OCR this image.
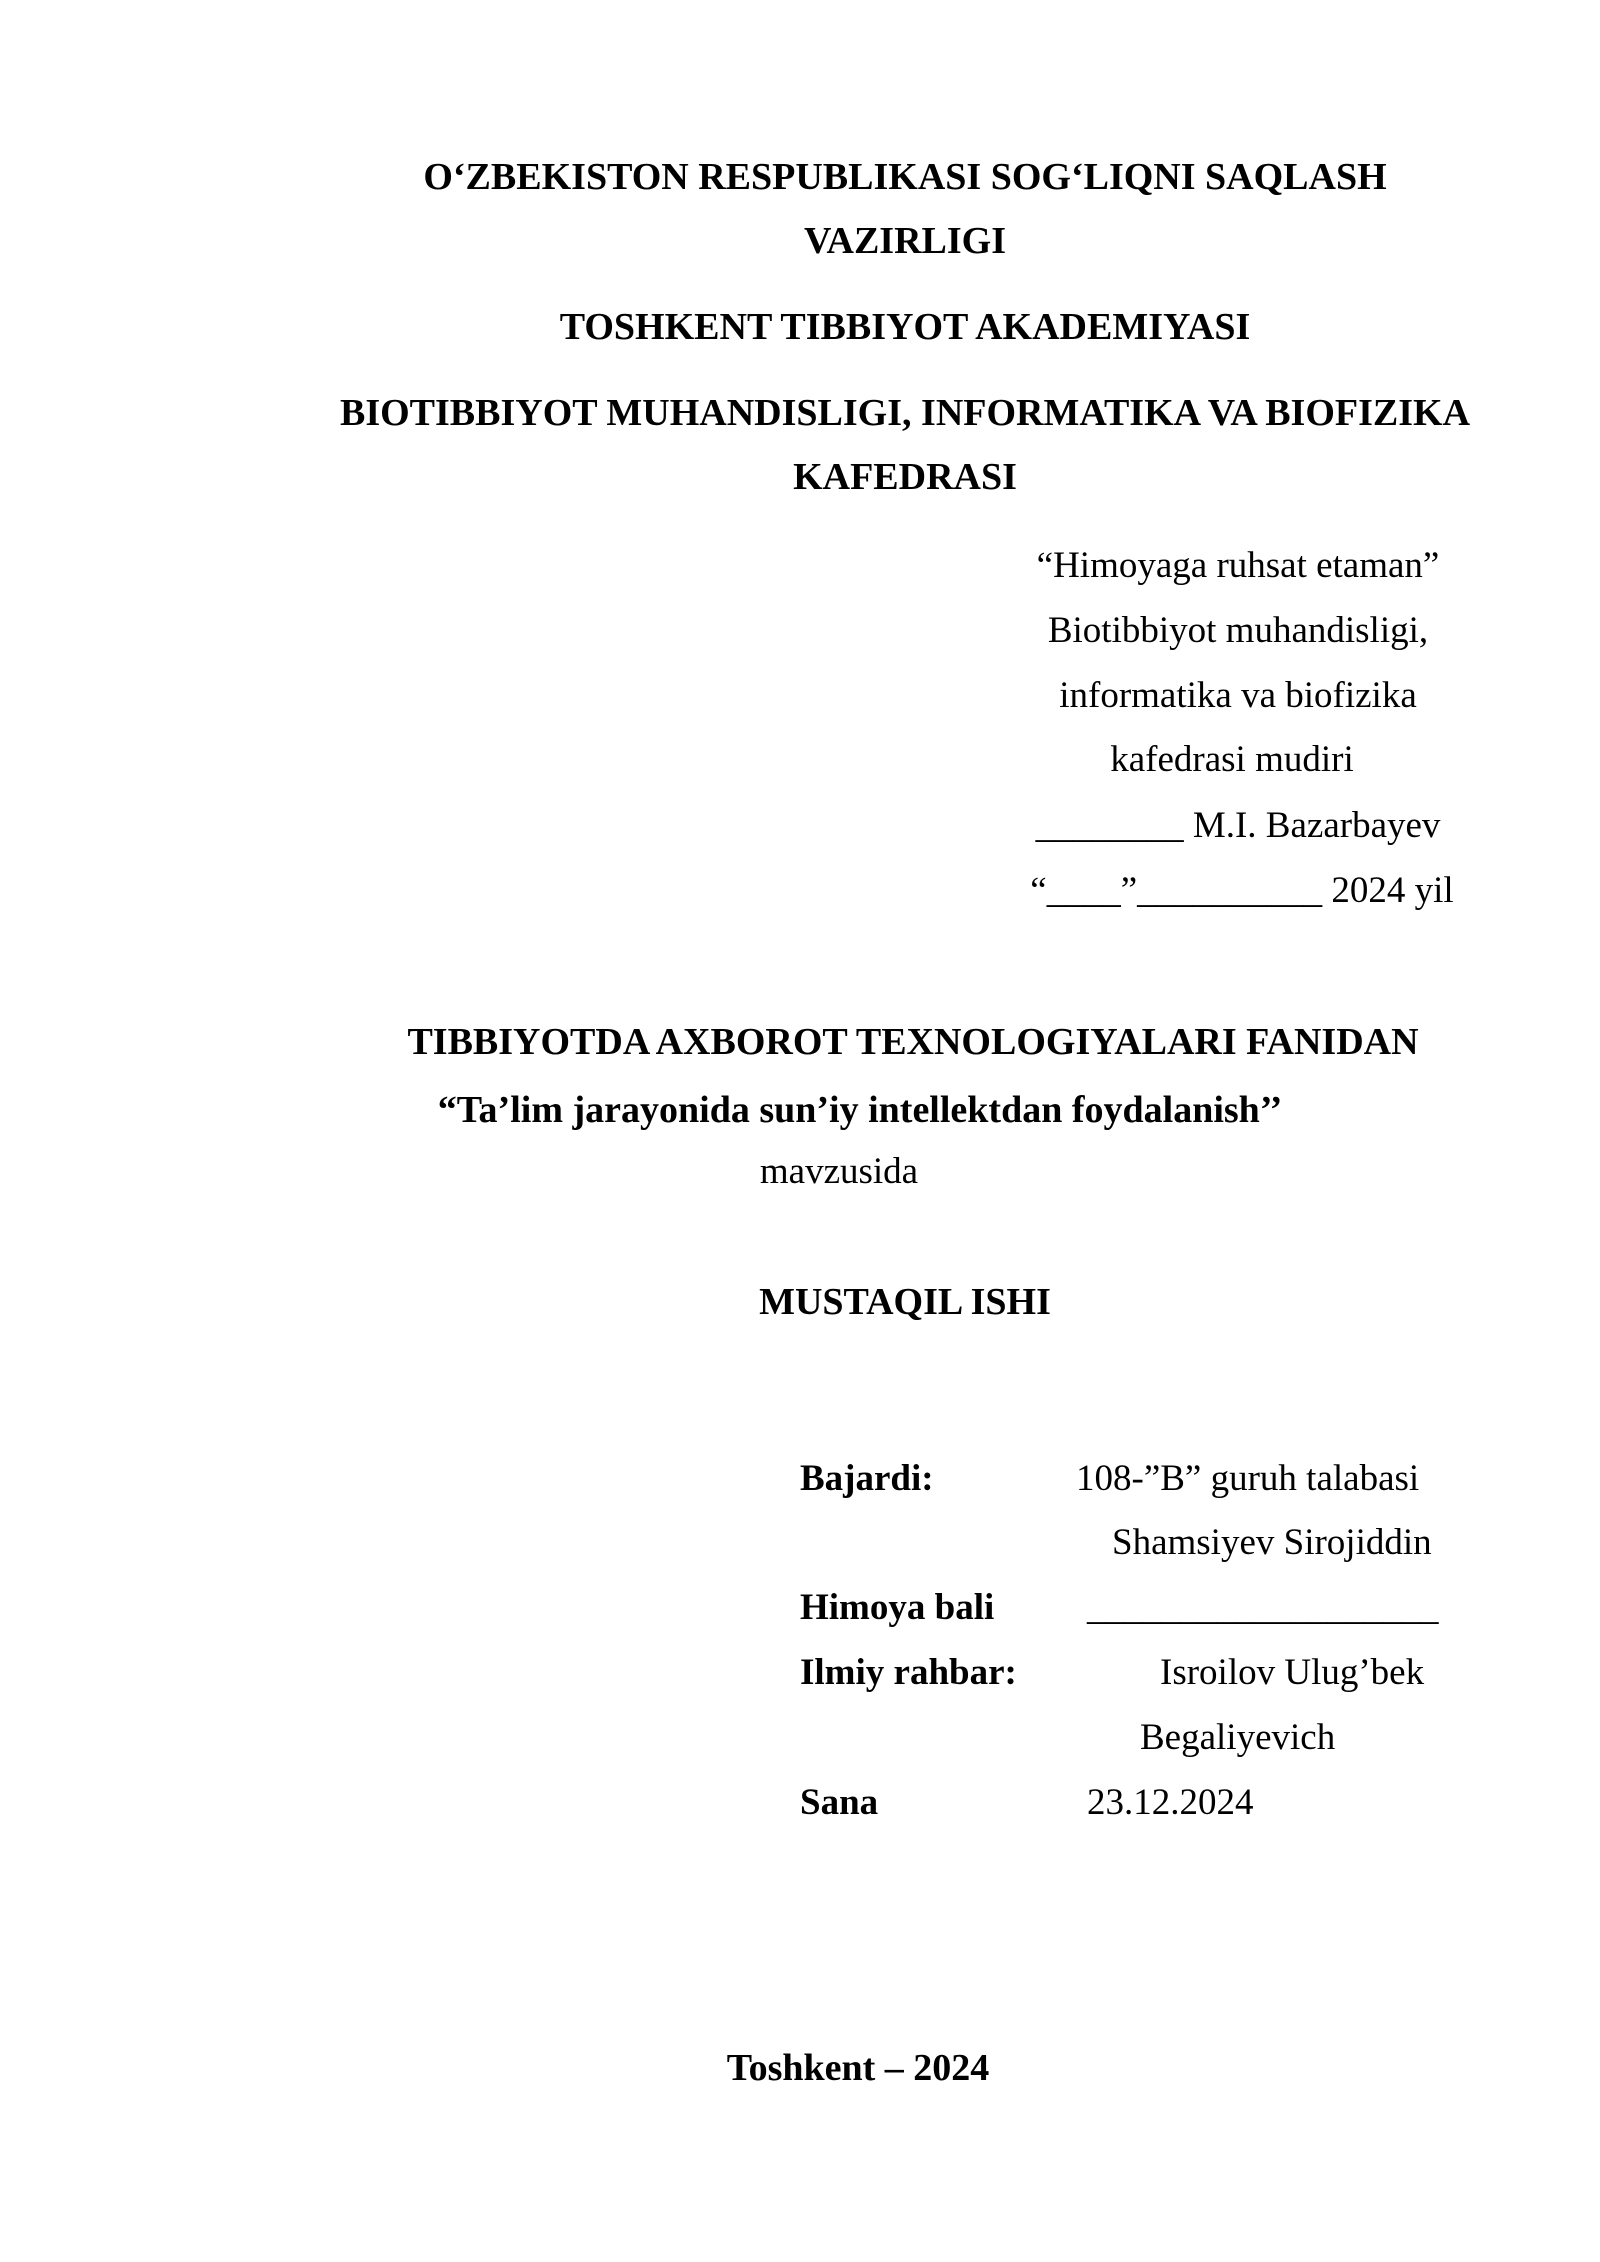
O‘ZBEKISTON RESPUBLIKASI SOG‘LIQNI SAQLASH
VAZIRLIGI
TOSHKENT TIBBIYOT AKADEMIYASI
BIOTIBBIYOT MUHANDISLIGI, INFORMATIKA VA BIOFIZIKA
KAFEDRASI
“Himoyaga ruhsat etaman”
Biotibbiyot muhandisligi,
informatika va biofizika
kafedrasi mudiri
________ M.I. Bazarbayev
“____”__________ 2024 yil
TIBBIYOTDA AXBOROT TEXNOLOGIYALARI FANIDAN
“Ta’lim jarayonida sun’iy intellektdan foydalanish’’
mavzusida
MUSTAQIL ISHI
Bajardi:	108-”B” guruh talabasi
Shamsiyev Sirojiddin
Himoya bali	___________________
Ilmiy rahbar:	Isroilov Ulug’bek
Begaliyevich
Sana	23.12.2024
Toshkent – 2024
